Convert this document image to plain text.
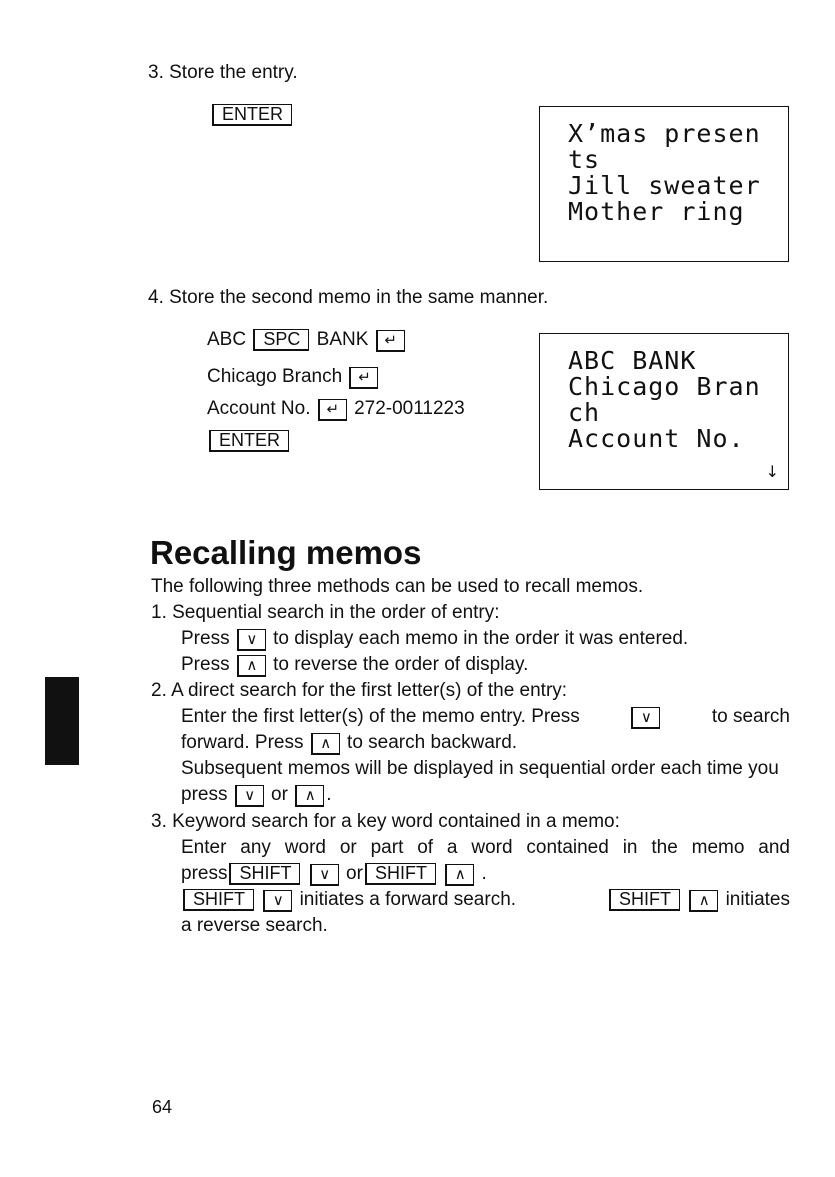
3. Store the entry.
ENTER
X’mas presen
ts
Jill sweater
Mother ring
4. Store the second memo in the same manner.
ABC SPC BANK ↵
Chicago Branch ↵
Account No. ↵ 272-0011223
ENTER
ABC BANK
Chicago Bran
ch
Account No.
↓
Recalling memos
The following three methods can be used to recall memos.
1. Sequential search in the order of entry:
Press ∨ to display each memo in the order it was entered.
Press ∧ to reverse the order of display.
2. A direct search for the first letter(s) of the entry:
Enter the first letter(s) of the memo entry. Press	∨	to search
forward. Press ∧ to search backward.
Subsequent memos will be displayed in sequential order each time you
press ∨ or ∧ .
3. Keyword search for a key word contained in a memo:
Enter any word or part of a word contained in the memo and
press SHIFT ∨ or SHIFT ∧ .
SHIFT ∨ initiates a forward search.	SHIFT ∧ initiates
a reverse search.
64
